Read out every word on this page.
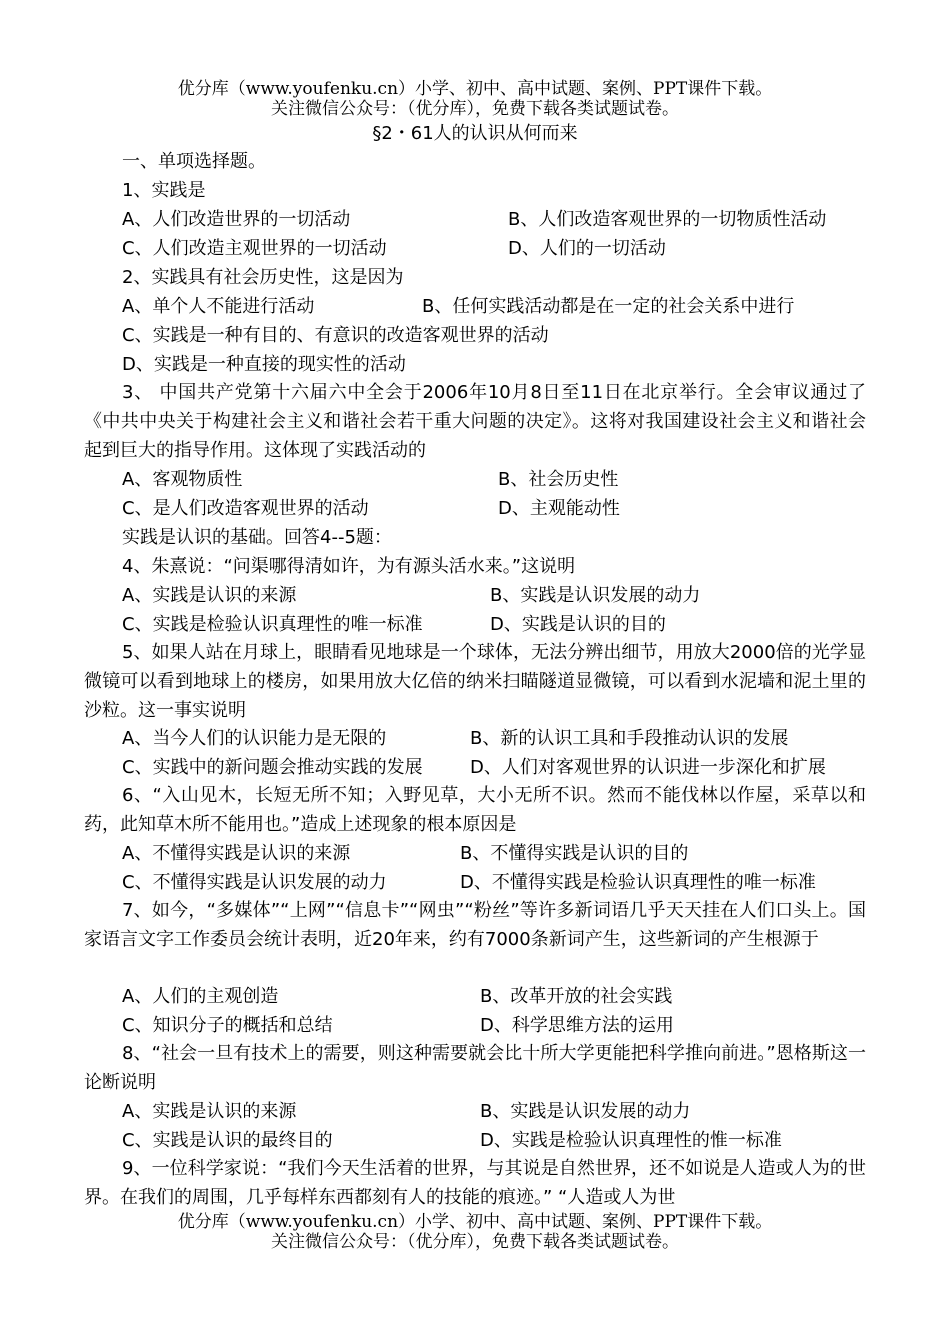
优分库（www.youfenku.cn）小学、初中、高中试题、案例、PPT课件下载。
关注微信公众号：（优分库），免费下载各类试题试卷。
§2・61人的认识从何而来
一、单项选择题。
1、实践是
A、人们改造世界的一切活动	B、人们改造客观世界的一切物质性活动
C、人们改造主观世界的一切活动	D、人们的一切活动
2、实践具有社会历史性，这是因为
A、单个人不能进行活动	B、任何实践活动都是在一定的社会关系中进行
C、实践是一种有目的、有意识的改造客观世界的活动
D、实践是一种直接的现实性的活动
3、 中国共产党第十六届六中全会于2006年10月8日至11日在北京举行。全会审议通过了《中共中央关于构建社会主义和谐社会若干重大问题的决定》。这将对我国建设社会主义和谐社会起到巨大的指导作用。这体现了实践活动的
A、客观物质性	B、社会历史性
C、是人们改造客观世界的活动	D、主观能动性
实践是认识的基础。回答4--5题：
4、朱熹说：“问渠哪得清如许，为有源头活水来。”这说明
A、实践是认识的来源	B、实践是认识发展的动力
C、实践是检验认识真理性的唯一标准	D、实践是认识的目的
5、如果人站在月球上，眼睛看见地球是一个球体，无法分辨出细节，用放大2000倍的光学显微镜可以看到地球上的楼房，如果用放大亿倍的纳米扫瞄隧道显微镜，可以看到水泥墙和泥土里的沙粒。这一事实说明
A、当今人们的认识能力是无限的	B、新的认识工具和手段推动认识的发展
C、实践中的新问题会推动实践的发展	D、人们对客观世界的认识进一步深化和扩展
6、“入山见木，长短无所不知；入野见草，大小无所不识。然而不能伐林以作屋，采草以和药，此知草木所不能用也。”造成上述现象的根本原因是
A、不懂得实践是认识的来源	B、不懂得实践是认识的目的
C、不懂得实践是认识发展的动力	D、不懂得实践是检验认识真理性的唯一标准
7、如今，“多媒体”“上网”“信息卡”“网虫”“粉丝”等许多新词语几乎天天挂在人们口头上。国家语言文字工作委员会统计表明，近20年来，约有7000条新词产生，这些新词的产生根源于
A、人们的主观创造	B、改革开放的社会实践
C、知识分子的概括和总结	D、科学思维方法的运用
8、“社会一旦有技术上的需要，则这种需要就会比十所大学更能把科学推向前进。”恩格斯这一论断说明
A、实践是认识的来源	B、实践是认识发展的动力
C、实践是认识的最终目的	D、实践是检验认识真理性的惟一标准
9、一位科学家说：“我们今天生活着的世界，与其说是自然世界，还不如说是人造或人为的世界。在我们的周围，几乎每样东西都刻有人的技能的痕迹。” “人造或人为世
优分库（www.youfenku.cn）小学、初中、高中试题、案例、PPT课件下载。
关注微信公众号：（优分库），免费下载各类试题试卷。
